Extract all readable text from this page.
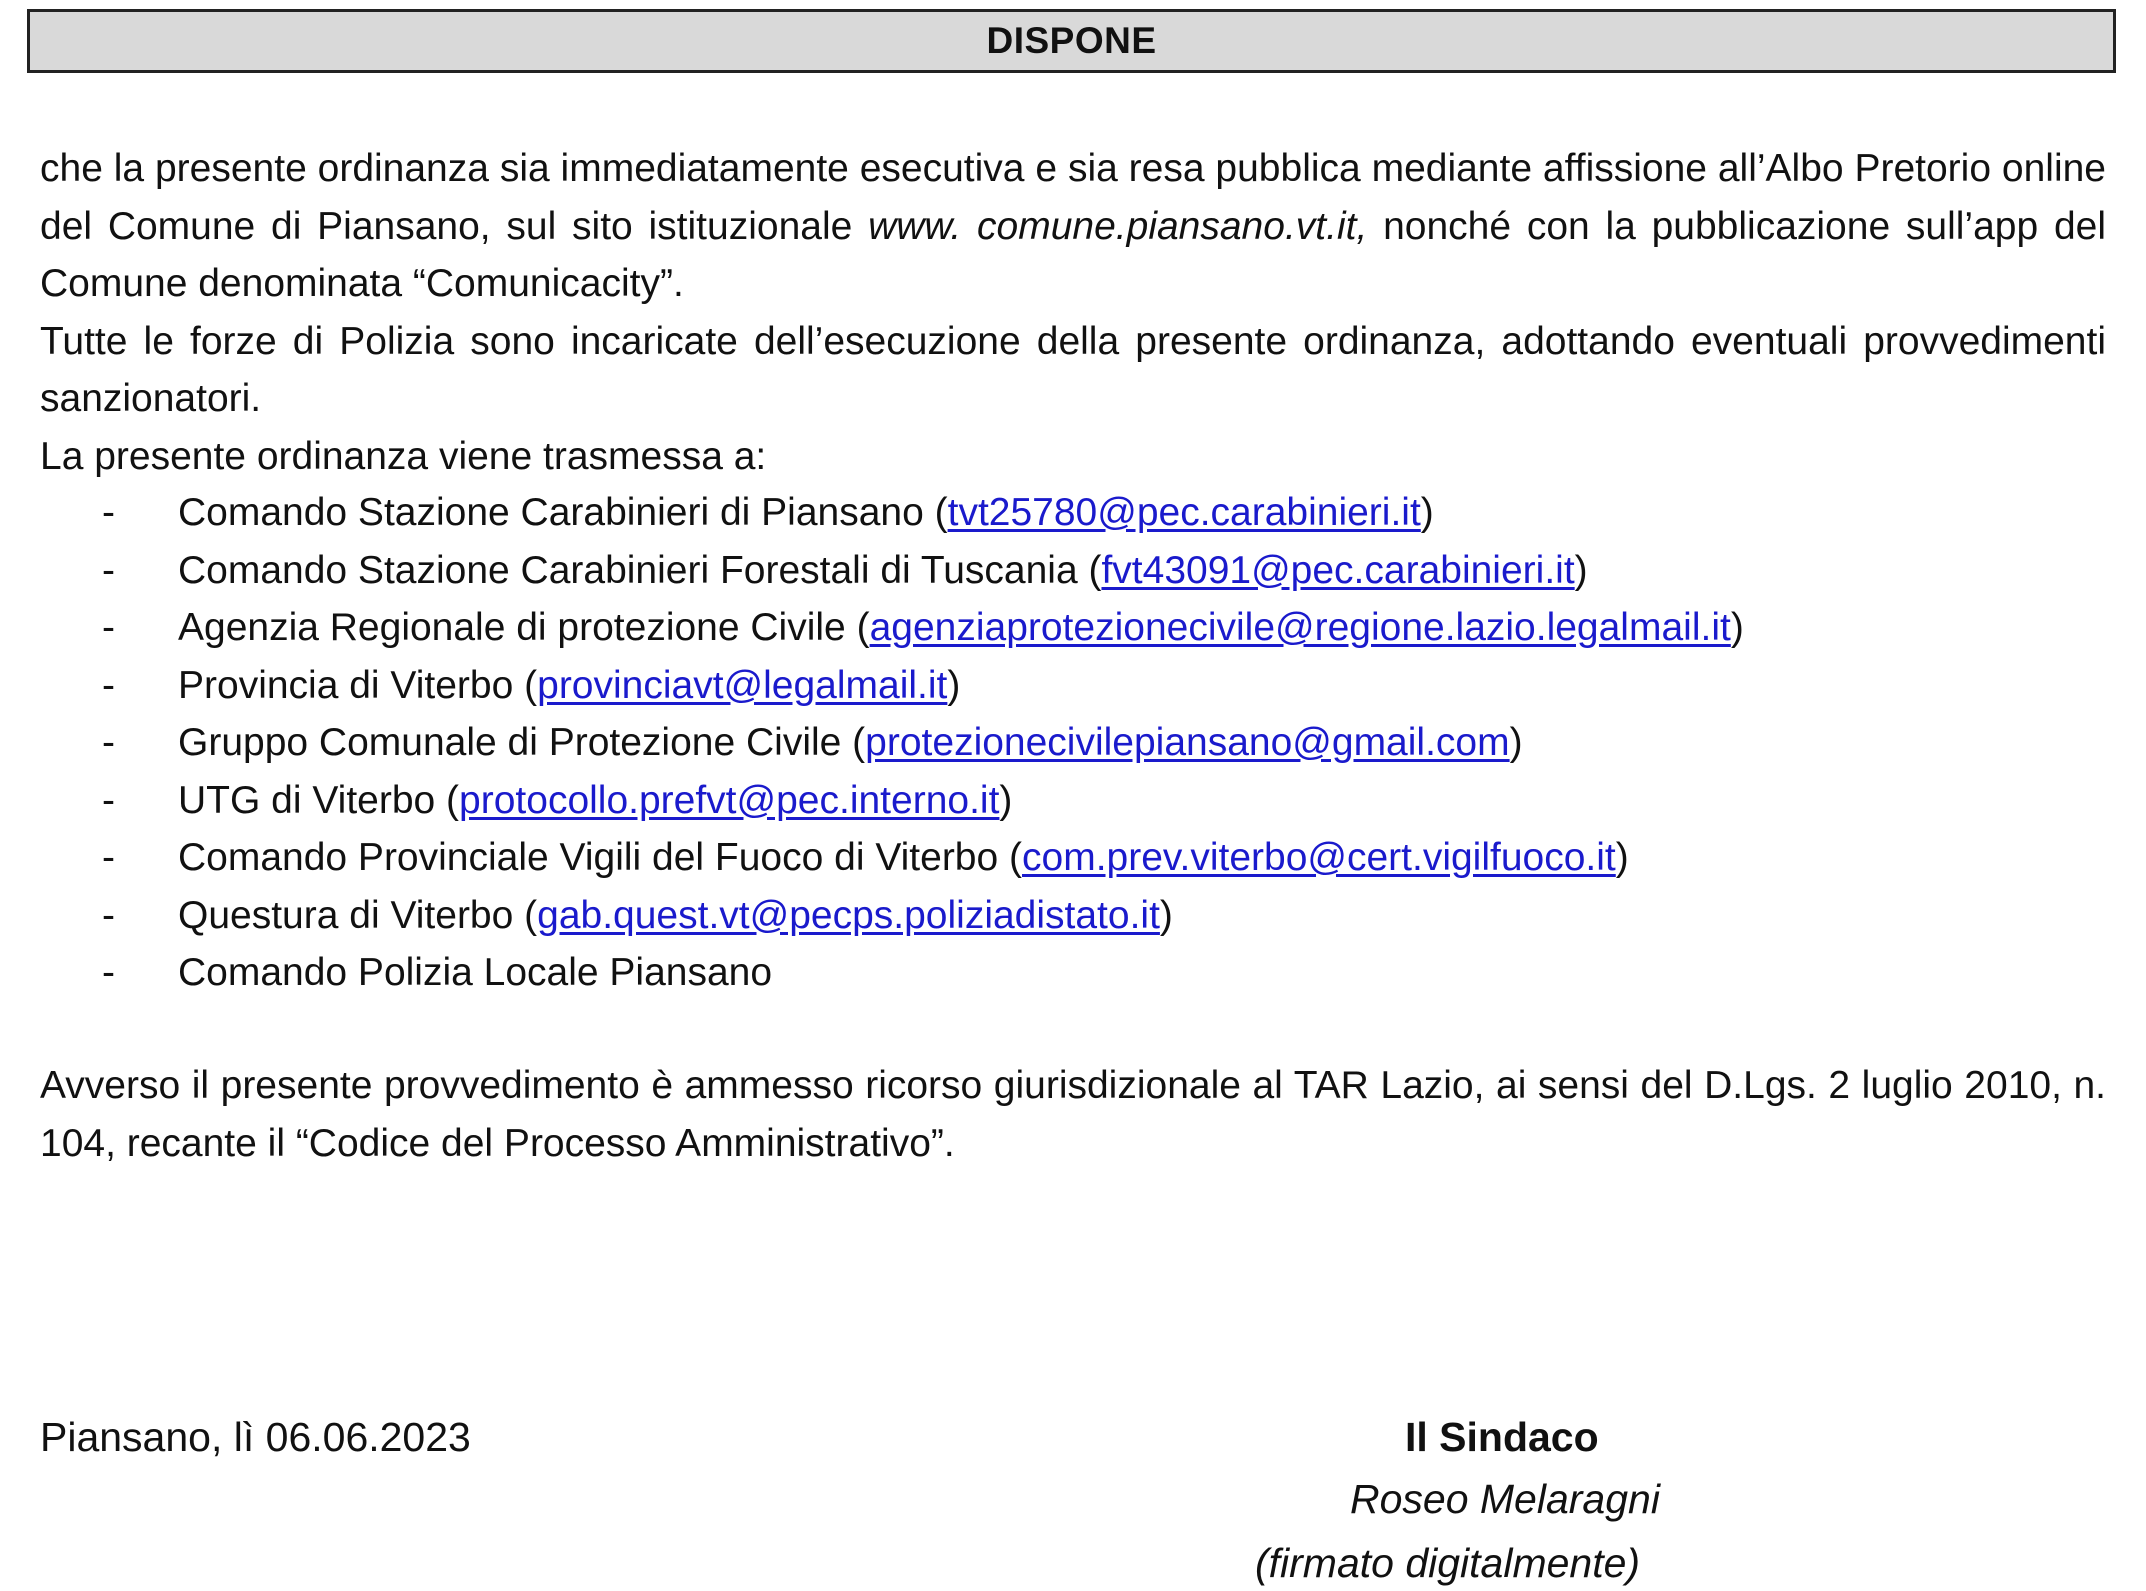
DISPONE

che la presente ordinanza sia immediatamente esecutiva e sia resa pubblica mediante affissione all’Albo Pretorio online del Comune di Piansano, sul sito istituzionale www. comune.piansano.vt.it, nonché con la pubblicazione sull’app del Comune denominata “Comunicacity”.

Tutte le forze di Polizia sono incaricate dell’esecuzione della presente ordinanza, adottando eventuali provvedimenti sanzionatori.

La presente ordinanza viene trasmessa a:

- Comando Stazione Carabinieri di Piansano (tvt25780@pec.carabinieri.it)
- Comando Stazione Carabinieri Forestali di Tuscania (fvt43091@pec.carabinieri.it)
- Agenzia Regionale di protezione Civile (agenziaprotezionecivile@regione.lazio.legalmail.it)
- Provincia di Viterbo (provinciavt@legalmail.it)
- Gruppo Comunale di Protezione Civile (protezionecivilepiansano@gmail.com)
- UTG di Viterbo (protocollo.prefvt@pec.interno.it)
- Comando Provinciale Vigili del Fuoco di Viterbo (com.prev.viterbo@cert.vigilfuoco.it)
- Questura di Viterbo (gab.quest.vt@pecps.poliziadistato.it)
- Comando Polizia Locale Piansano

Avverso il presente provvedimento è ammesso ricorso giurisdizionale al TAR Lazio, ai sensi del D.Lgs. 2 luglio 2010, n. 104, recante il “Codice del Processo Amministrativo”.

Piansano, lì 06.06.2023	Il Sindaco
Roseo Melaragni
(firmato digitalmente)
